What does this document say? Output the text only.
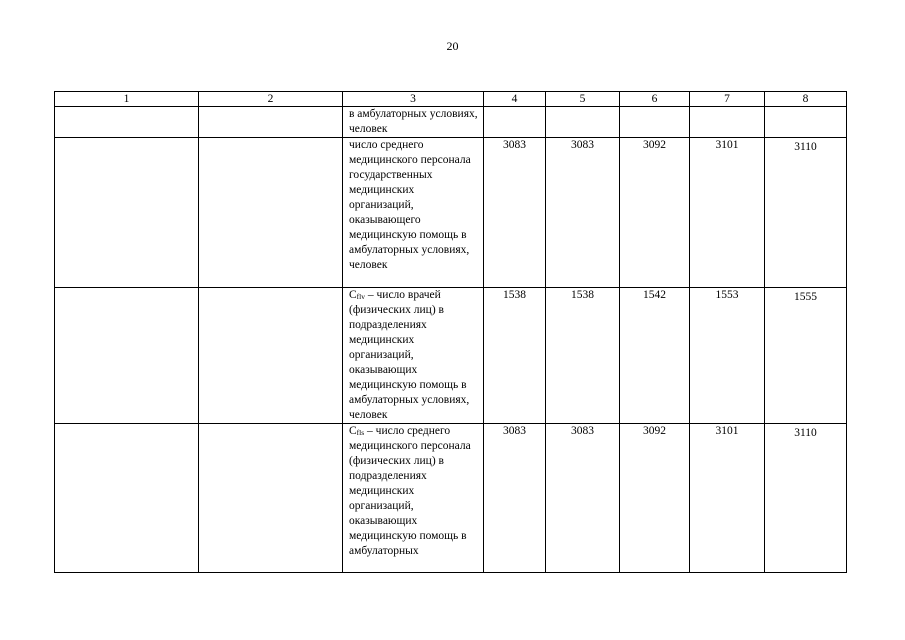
20
1	2	3	4	5	6	7	8
		в амбулаторных условиях, человек					
		число среднего медицинского персонала государственных медицинских организаций, оказывающего медицинскую помощь в амбулаторных условиях, человек	3083	3083	3092	3101	3110
		$C_{flv}$ – число врачей (физических лиц) в подразделениях медицинских организаций, оказывающих медицинскую помощь в амбулаторных условиях, человек	1538	1538	1542	1553	1555
		$C_{fls}$ – число среднего медицинского персонала (физических лиц) в подразделениях медицинских организаций, оказывающих медицинскую помощь в амбулаторных	3083	3083	3092	3101	3110
